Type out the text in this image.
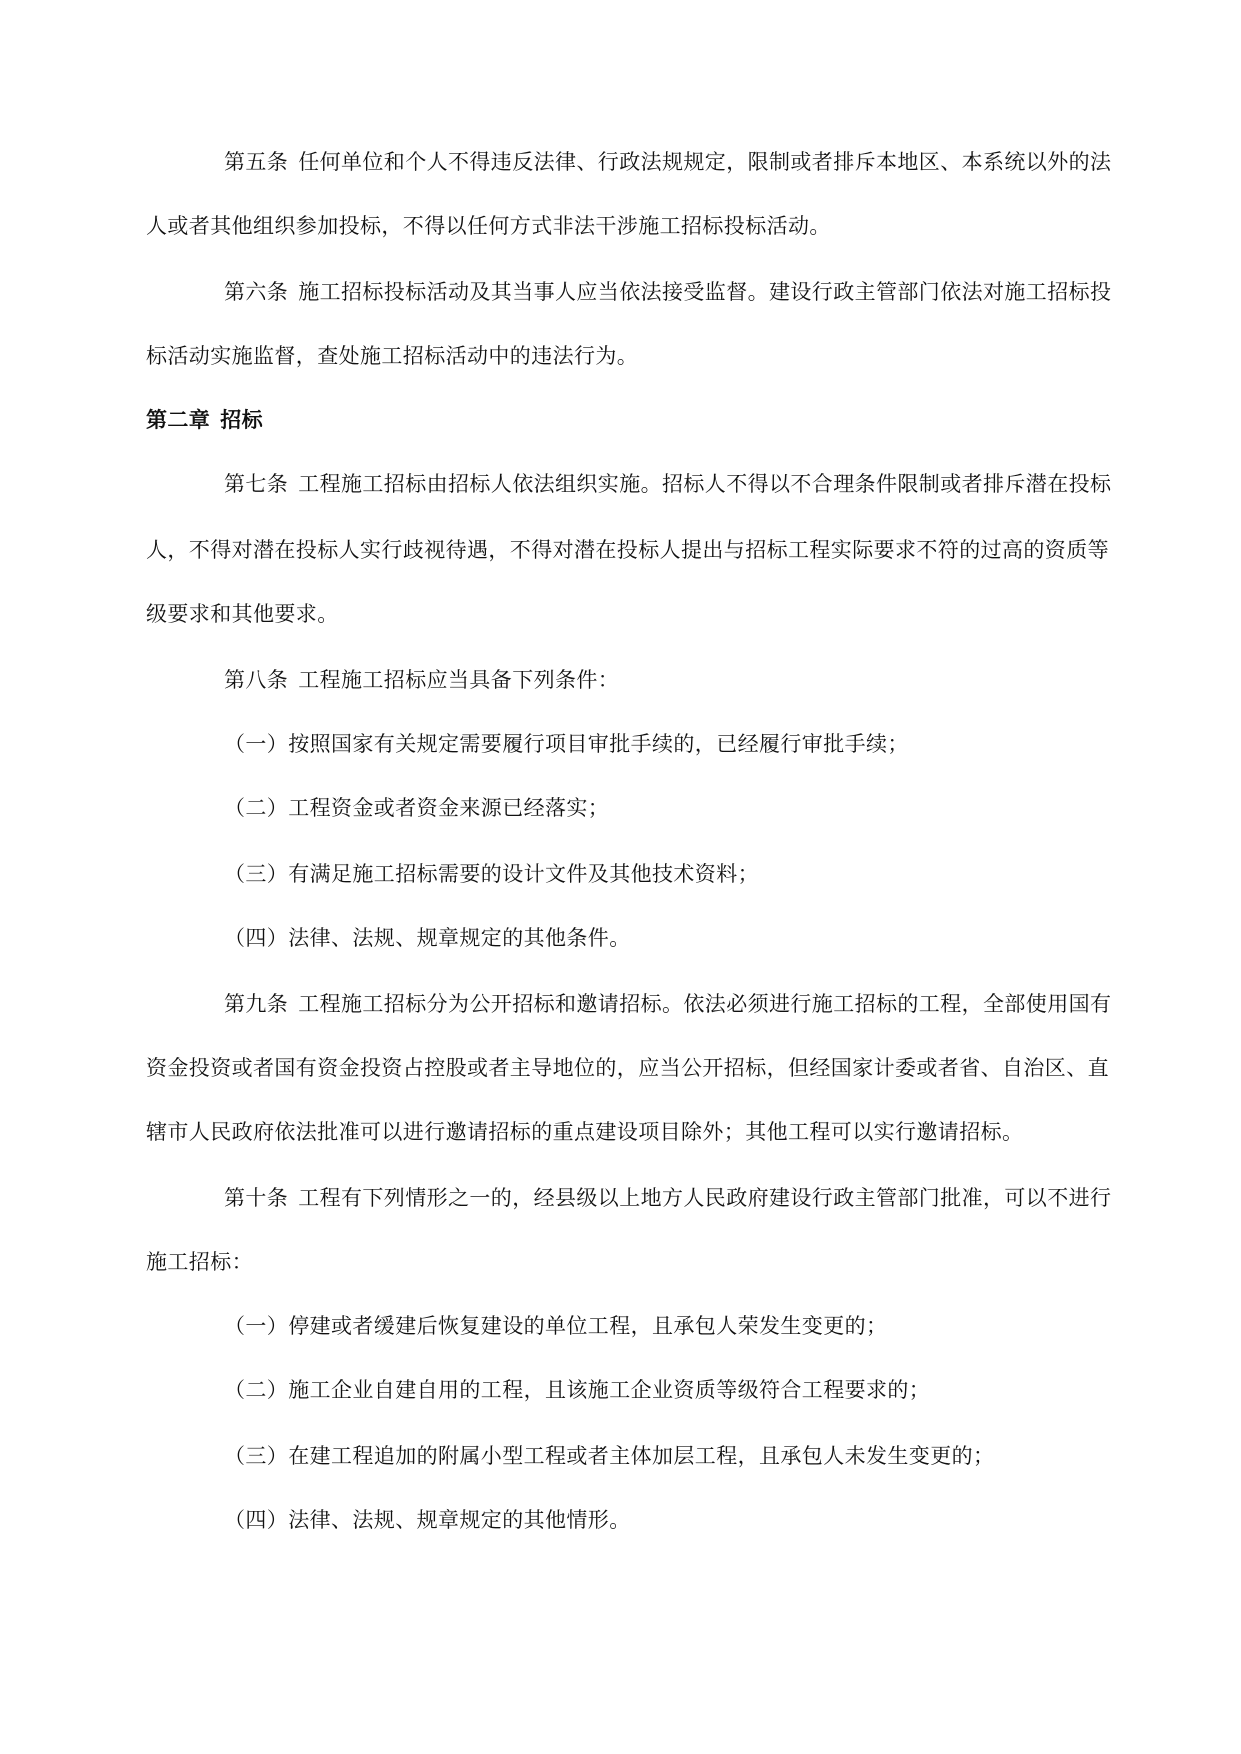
第五条 任何单位和个人不得违反法律、行政法规规定，限制或者排斥本地区、本系统以外的法
人或者其他组织参加投标，不得以任何方式非法干涉施工招标投标活动。
第六条 施工招标投标活动及其当事人应当依法接受监督。建设行政主管部门依法对施工招标投
标活动实施监督，查处施工招标活动中的违法行为。
第二章 招标
第七条 工程施工招标由招标人依法组织实施。招标人不得以不合理条件限制或者排斥潜在投标
人，不得对潜在投标人实行歧视待遇，不得对潜在投标人提出与招标工程实际要求不符的过高的资质等
级要求和其他要求。
第八条 工程施工招标应当具备下列条件：
（一）按照国家有关规定需要履行项目审批手续的，已经履行审批手续；
（二）工程资金或者资金来源已经落实；
（三）有满足施工招标需要的设计文件及其他技术资料；
（四）法律、法规、规章规定的其他条件。
第九条 工程施工招标分为公开招标和邀请招标。依法必须进行施工招标的工程，全部使用国有
资金投资或者国有资金投资占控股或者主导地位的，应当公开招标，但经国家计委或者省、自治区、直
辖市人民政府依法批准可以进行邀请招标的重点建设项目除外；其他工程可以实行邀请招标。
第十条 工程有下列情形之一的，经县级以上地方人民政府建设行政主管部门批准，可以不进行
施工招标：
（一）停建或者缓建后恢复建设的单位工程，且承包人荣发生变更的；
（二）施工企业自建自用的工程，且该施工企业资质等级符合工程要求的；
（三）在建工程追加的附属小型工程或者主体加层工程，且承包人未发生变更的；
（四）法律、法规、规章规定的其他情形。
